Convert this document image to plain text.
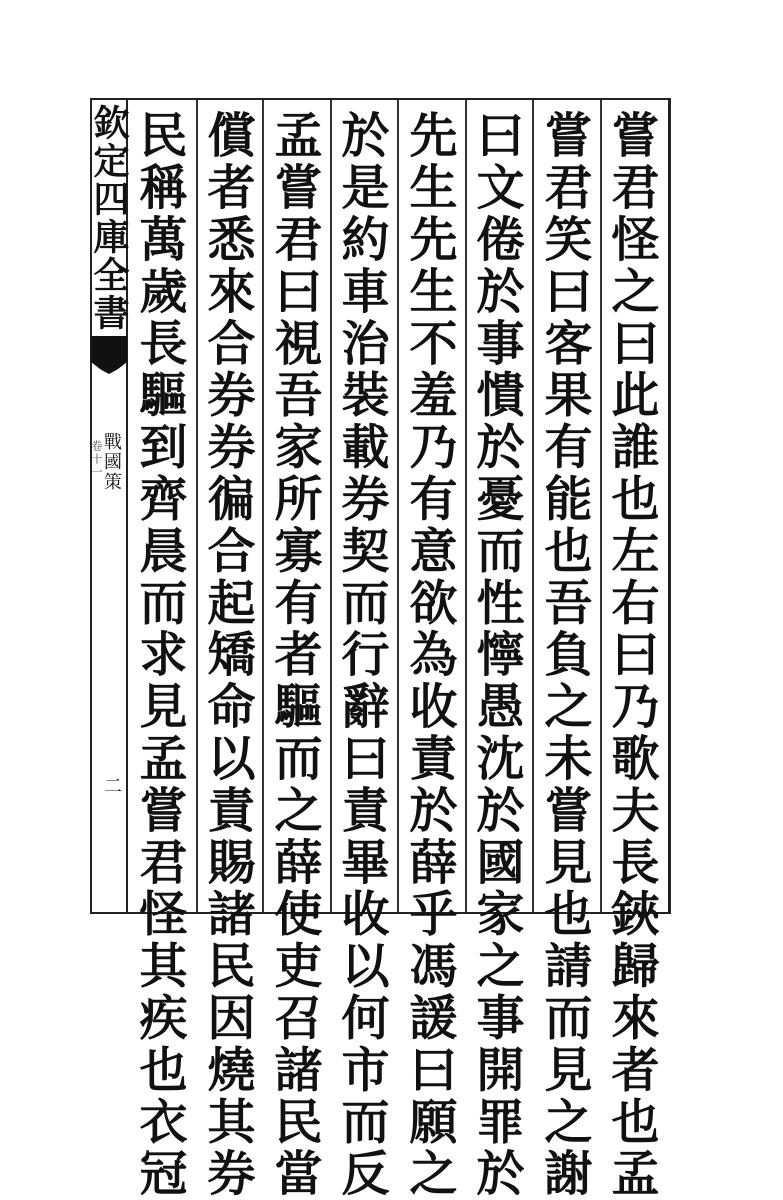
欽定四庫全書
戰國策
卷十一
二	嘗君怪之曰此誰也左右曰乃歌夫長鋏歸來者也孟
嘗君笑曰客果有能也吾負之未嘗見也請而見之謝
曰文倦於事憒於憂而性懧愚沈於國家之事開罪於
先生先生不羞乃有意欲為收責於薛乎馮諼曰願之
於是約車治裝載券契而行辭曰責畢收以何市而反
孟嘗君曰視吾家所寡有者驅而之薛使吏召諸民當
償者悉來合券券徧合起矯命以責賜諸民因燒其券
民稱萬歲長驅到齊晨而求見孟嘗君怪其疾也衣冠
